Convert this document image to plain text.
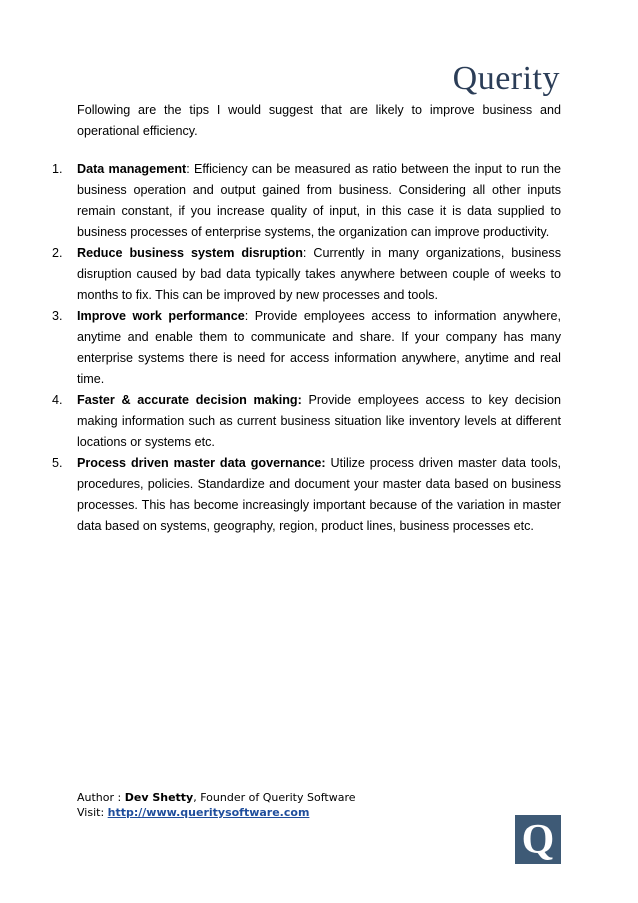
Querity

Following are the tips I would suggest that are likely to improve business and operational efficiency.

1. Data management: Efficiency can be measured as ratio between the input to run the business operation and output gained from business. Considering all other inputs remain constant, if you increase quality of input, in this case it is data supplied to business processes of enterprise systems, the organization can improve productivity.
2. Reduce business system disruption: Currently in many organizations, business disruption caused by bad data typically takes anywhere between couple of weeks to months to fix. This can be improved by new processes and tools.
3. Improve work performance: Provide employees access to information anywhere, anytime and enable them to communicate and share. If your company has many enterprise systems there is need for access information anywhere, anytime and real time.
4. Faster & accurate decision making: Provide employees access to key decision making information such as current business situation like inventory levels at different locations or systems etc.
5. Process driven master data governance: Utilize process driven master data tools, procedures, policies. Standardize and document your master data based on business processes. This has become increasingly important because of the variation in master data based on systems, geography, region, product lines, business processes etc.
Author : Dev Shetty, Founder of Querity Software
Visit: http://www.queritysoftware.com
Q
